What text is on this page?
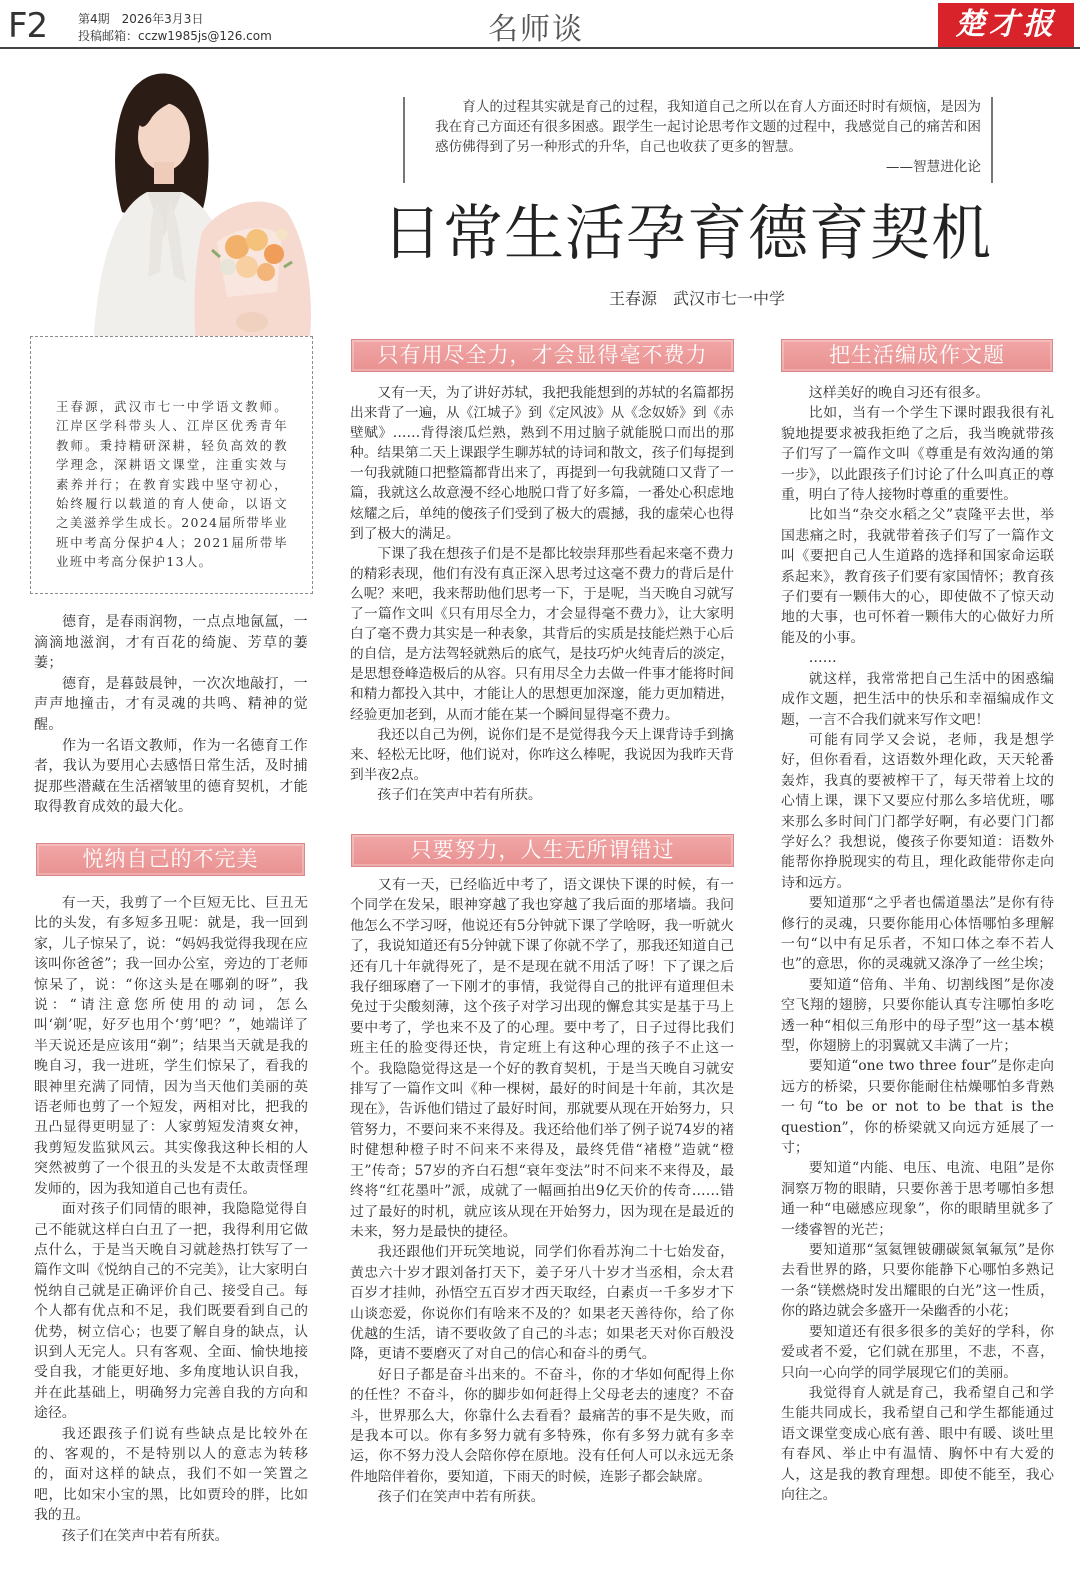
F2	第4期　2026年3月3日
投稿邮箱：cczw1985js@126.com	名师谈	楚才报
王春源，武汉市七一中学语文教师。江岸区学科带头人、江岸区优秀青年教师。秉持精研深耕，轻负高效的教学理念，深耕语文课堂，注重实效与素养并行；在教育实践中坚守初心，始终履行以载道的育人使命，以语文之美滋养学生成长。2024届所带毕业班中考高分保护4人；2021届所带毕业班中考高分保护13人。
育人的过程其实就是育己的过程，我知道自己之所以在育人方面还时时有烦恼，是因为我在育己方面还有很多困惑。跟学生一起讨论思考作文题的过程中，我感觉自己的痛苦和困惑仿佛得到了另一种形式的升华，自己也收获了更多的智慧。
——智慧进化论
日常生活孕育德育契机
王春源　武汉市七一中学

德育，是春雨润物，一点点地氤氲，一滴滴地滋润，才有百花的绮旎、芳草的萋萋；

德育，是暮鼓晨钟，一次次地敲打，一声声地撞击，才有灵魂的共鸣、精神的觉醒。

作为一名语文教师，作为一名德育工作者，我认为要用心去感悟日常生活，及时捕捉那些潜藏在生活褶皱里的德育契机，才能取得教育成效的最大化。

悦纳自己的不完美

有一天，我剪了一个巨短无比、巨丑无比的头发，有多短多丑呢：就是，我一回到家，儿子惊呆了，说：“妈妈我觉得我现在应该叫你爸爸”；我一回办公室，旁边的丁老师惊呆了，说：“你这头是在哪剃的呀”，我说：“请注意您所使用的动词，怎么叫‘剃’呢，好歹也用个‘剪’吧？”，她端详了半天说还是应该用“剃”；结果当天就是我的晚自习，我一进班，学生们惊呆了，看我的眼神里充满了同情，因为当天他们美丽的英语老师也剪了一个短发，两相对比，把我的丑凸显得更明显了：人家剪短发清爽女神，我剪短发监狱风云。其实像我这种长相的人突然被剪了一个很丑的头发是不太敢责怪理发师的，因为我知道自己也有责任。

面对孩子们同情的眼神，我隐隐觉得自己不能就这样白白丑了一把，我得利用它做点什么，于是当天晚自习就趁热打铁写了一篇作文叫《悦纳自己的不完美》，让大家明白悦纳自己就是正确评价自己、接受自己。每个人都有优点和不足，我们既要看到自己的优势，树立信心；也要了解自身的缺点，认识到人无完人。只有客观、全面、愉快地接受自我，才能更好地、多角度地认识自我，并在此基础上，明确努力完善自我的方向和途径。

我还跟孩子们说有些缺点是比较外在的、客观的，不是特别以人的意志为转移的，面对这样的缺点，我们不如一笑置之吧，比如宋小宝的黑，比如贾玲的胖，比如我的丑。

孩子们在笑声中若有所获。

只有用尽全力，才会显得毫不费力

又有一天，为了讲好苏轼，我把我能想到的苏轼的名篇都拐出来背了一遍，从《江城子》到《定风波》从《念奴娇》到《赤壁赋》……背得滚瓜烂熟，熟到不用过脑子就能脱口而出的那种。结果第二天上课跟学生聊苏轼的诗词和散文，孩子们每提到一句我就随口把整篇都背出来了，再提到一句我就随口又背了一篇，我就这么故意漫不经心地脱口背了好多篇，一番处心积虑地炫耀之后，单纯的傻孩子们受到了极大的震撼，我的虚荣心也得到了极大的满足。

下课了我在想孩子们是不是都比较崇拜那些看起来毫不费力的精彩表现，他们有没有真正深入思考过这毫不费力的背后是什么呢？来吧，我来帮助他们思考一下，于是呢，当天晚自习就写了一篇作文叫《只有用尽全力，才会显得毫不费力》，让大家明白了毫不费力其实是一种表象，其背后的实质是技能烂熟于心后的自信，是方法驾轻就熟后的底气，是技巧炉火纯青后的淡定，是思想登峰造极后的从容。只有用尽全力去做一件事才能将时间和精力都投入其中，才能让人的思想更加深邃，能力更加精进，经验更加老到，从而才能在某一个瞬间显得毫不费力。

我还以自己为例，说你们是不是觉得我今天上课背诗手到擒来、轻松无比呀，他们说对，你咋这么棒呢，我说因为我昨天背到半夜2点。

孩子们在笑声中若有所获。

只要努力，人生无所谓错过

又有一天，已经临近中考了，语文课快下课的时候，有一个同学在发呆，眼神穿越了我也穿越了我后面的那堵墙。我问他怎么不学习呀，他说还有5分钟就下课了学啥呀，我一听就火了，我说知道还有5分钟就下课了你就不学了，那我还知道自己还有几十年就得死了，是不是现在就不用活了呀！下了课之后我仔细琢磨了一下刚才的事情，我觉得自己的批评有道理但未免过于尖酸刻薄，这个孩子对学习出现的懈怠其实是基于马上要中考了，学也来不及了的心理。要中考了，日子过得比我们班主任的脸变得还快，肯定班上有这种心理的孩子不止这一个。我隐隐觉得这是一个好的教育契机，于是当天晚自习就安排写了一篇作文叫《种一棵树，最好的时间是十年前，其次是现在》，告诉他们错过了最好时间，那就要从现在开始努力，只管努力，不要问来不来得及。我还给他们举了例子说74岁的褚时健想种橙子时不问来不来得及，最终凭借“褚橙”造就“橙王”传奇；57岁的齐白石想“衰年变法”时不问来不来得及，最终将“红花墨叶”派，成就了一幅画拍出9亿天价的传奇……错过了最好的时机，就应该从现在开始努力，因为现在是最近的未来，努力是最快的捷径。

我还跟他们开玩笑地说，同学们你看苏洵二十七始发奋，黄忠六十岁才跟刘备打天下，姜子牙八十岁才当丞相，佘太君百岁才挂帅，孙悟空五百岁才西天取经，白素贞一千多岁才下山谈恋爱，你说你们有啥来不及的？如果老天善待你，给了你优越的生活，请不要收敛了自己的斗志；如果老天对你百般没降，更请不要磨灭了对自己的信心和奋斗的勇气。

好日子都是奋斗出来的。不奋斗，你的才华如何配得上你的任性？不奋斗，你的脚步如何赶得上父母老去的速度？不奋斗，世界那么大，你靠什么去看看？最痛苦的事不是失败，而是我本可以。你有多努力就有多特殊，你有多努力就有多幸运，你不努力没人会陪你停在原地。没有任何人可以永远无条件地陪伴着你，要知道，下雨天的时候，连影子都会缺席。

孩子们在笑声中若有所获。

把生活编成作文题

这样美好的晚自习还有很多。

比如，当有一个学生下课时跟我很有礼貌地提要求被我拒绝了之后，我当晚就带孩子们写了一篇作文叫《尊重是有效沟通的第一步》，以此跟孩子们讨论了什么叫真正的尊重，明白了待人接物时尊重的重要性。

比如当“杂交水稻之父”袁隆平去世，举国悲痛之时，我就带着孩子们写了一篇作文叫《要把自己人生道路的选择和国家命运联系起来》，教育孩子们要有家国情怀；教育孩子们要有一颗伟大的心，即使做不了惊天动地的大事，也可怀着一颗伟大的心做好力所能及的小事。

……

就这样，我常常把自己生活中的困惑编成作文题，把生活中的快乐和幸福编成作文题，一言不合我们就来写作文吧！

可能有同学又会说，老师，我是想学好，但你看看，这语数外理化政，天天轮番轰炸，我真的要被榨干了，每天带着上坟的心情上课，课下又要应付那么多培优班，哪来那么多时间门门都学好啊，有必要门门都学好么？我想说，傻孩子你要知道：语数外能帮你挣脱现实的苟且，理化政能带你走向诗和远方。

要知道那“之乎者也儒道墨法”是你有待修行的灵魂，只要你能用心体悟哪怕多理解一句“以中有足乐者，不知口体之奉不若人也”的意思，你的灵魂就又涤净了一丝尘埃；

要知道“倍角、半角、切割线图”是你凌空飞翔的翅膀，只要你能认真专注哪怕多吃透一种“相似三角形中的母子型”这一基本模型，你翅膀上的羽翼就又丰满了一片；

要知道“one two three four”是你走向远方的桥梁，只要你能耐住枯燥哪怕多背熟一句“to be or not to be that is the question”，你的桥梁就又向远方延展了一寸；

要知道“内能、电压、电流、电阻”是你洞察万物的眼睛，只要你善于思考哪怕多想通一种“电磁感应现象”，你的眼睛里就多了一缕睿智的光芒；

要知道那“氢氦锂铍硼碳氮氧氟氖”是你去看世界的路，只要你能静下心哪怕多熟记一条“镁燃烧时发出耀眼的白光”这一性质，你的路边就会多盛开一朵幽香的小花；

要知道还有很多很多的美好的学科，你爱或者不爱，它们就在那里，不悲，不喜，只向一心向学的同学展现它们的美丽。

我觉得育人就是育己，我希望自己和学生能共同成长，我希望自己和学生都能通过语文课堂变成心底有善、眼中有暖、谈吐里有春风、举止中有温情、胸怀中有大爱的人，这是我的教育理想。即使不能至，我心向往之。
